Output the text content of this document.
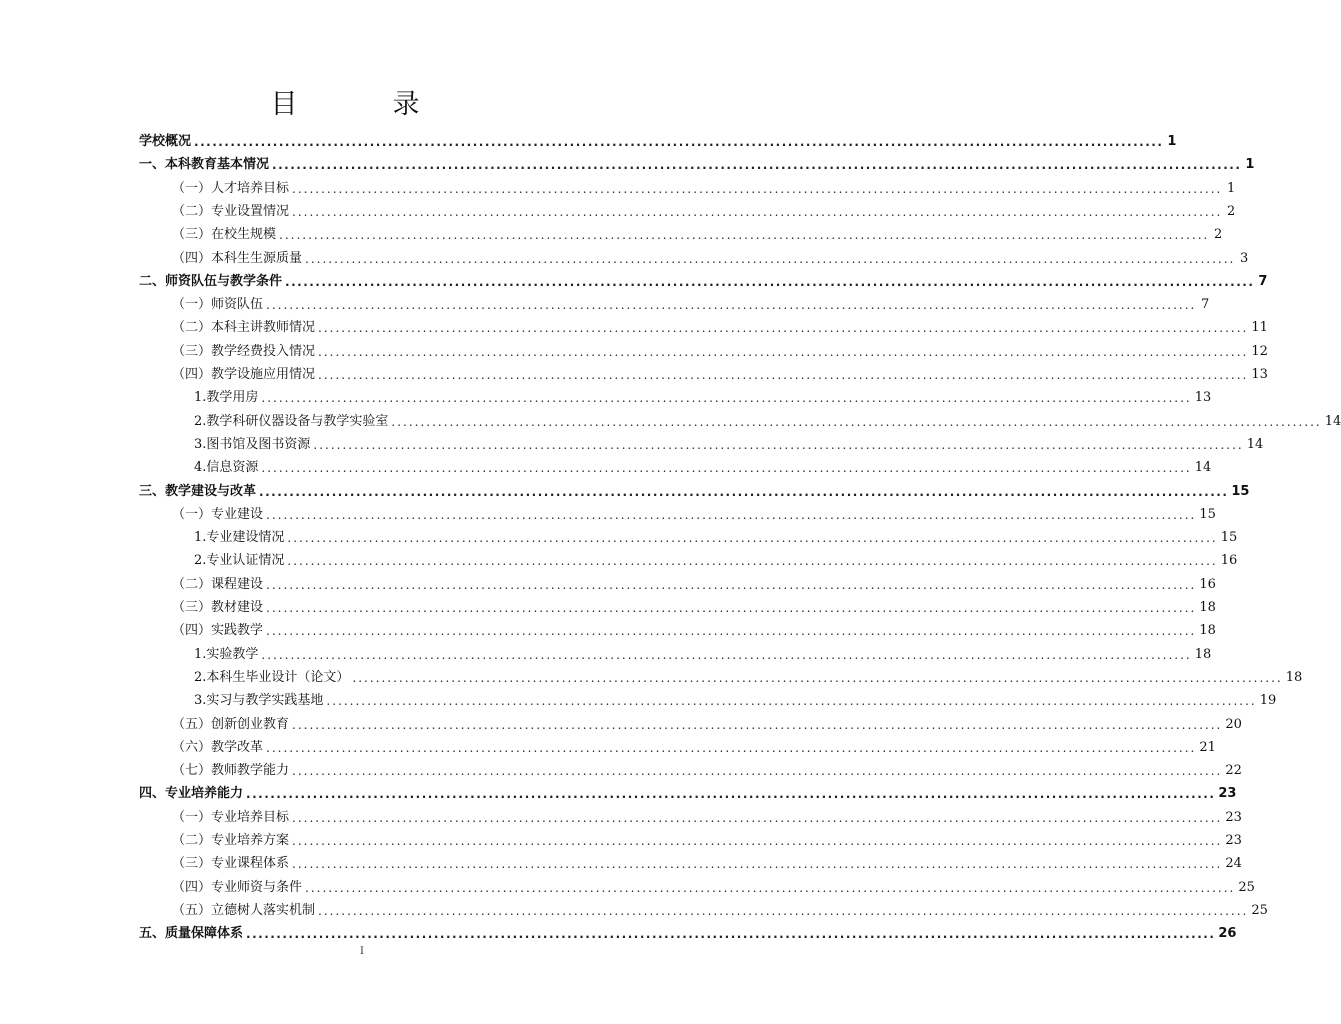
目　录
学校概况 ................................................................................................................................................................ 1
一、本科教育基本情况 ................................................................................................................................................................ 1
（一）人才培养目标 ................................................................................................................................................................ 1
（二）专业设置情况 ................................................................................................................................................................ 2
（三）在校生规模 ................................................................................................................................................................ 2
（四）本科生生源质量 ................................................................................................................................................................ 3
二、师资队伍与教学条件 ................................................................................................................................................................ 7
（一）师资队伍 ................................................................................................................................................................ 7
（二）本科主讲教师情况 ................................................................................................................................................................ 11
（三）教学经费投入情况 ................................................................................................................................................................ 12
（四）教学设施应用情况 ................................................................................................................................................................ 13
1.教学用房 ................................................................................................................................................................ 13
2.教学科研仪器设备与教学实验室 ................................................................................................................................................................ 14
3.图书馆及图书资源 ................................................................................................................................................................ 14
4.信息资源 ................................................................................................................................................................ 14
三、教学建设与改革 ................................................................................................................................................................ 15
（一）专业建设 ................................................................................................................................................................ 15
1.专业建设情况 ................................................................................................................................................................ 15
2.专业认证情况 ................................................................................................................................................................ 16
（二）课程建设 ................................................................................................................................................................ 16
（三）教材建设 ................................................................................................................................................................ 18
（四）实践教学 ................................................................................................................................................................ 18
1.实验教学 ................................................................................................................................................................ 18
2.本科生毕业设计（论文） ................................................................................................................................................................ 18
3.实习与教学实践基地 ................................................................................................................................................................ 19
（五）创新创业教育 ................................................................................................................................................................ 20
（六）教学改革 ................................................................................................................................................................ 21
（七）教师教学能力 ................................................................................................................................................................ 22
四、专业培养能力 ................................................................................................................................................................ 23
（一）专业培养目标 ................................................................................................................................................................ 23
（二）专业培养方案 ................................................................................................................................................................ 23
（三）专业课程体系 ................................................................................................................................................................ 24
（四）专业师资与条件 ................................................................................................................................................................ 25
（五）立德树人落实机制 ................................................................................................................................................................ 25
五、质量保障体系 ................................................................................................................................................................ 26
I
